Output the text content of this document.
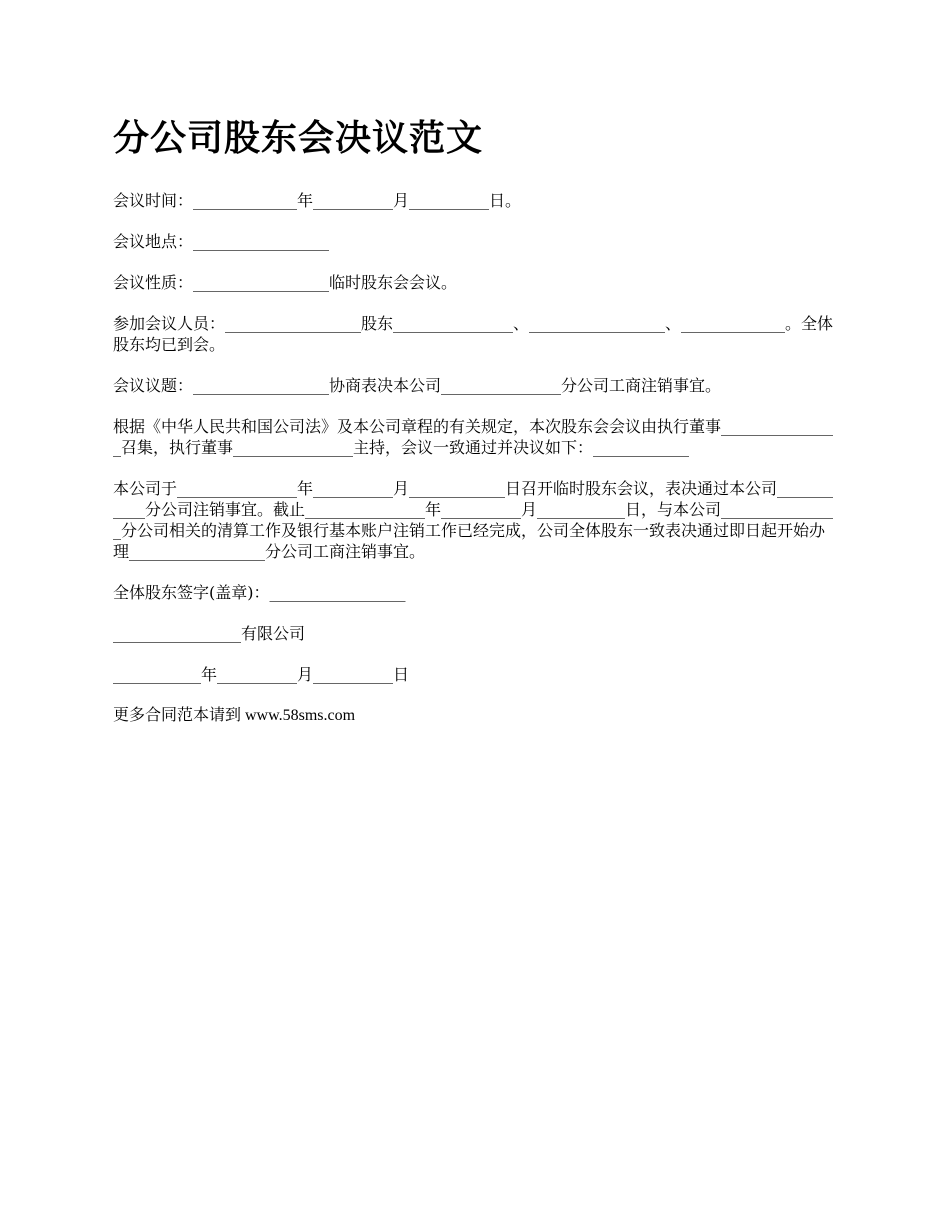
分公司股东会决议范文

会议时间：_____________年__________月__________日。

会议地点：_________________

会议性质：_________________临时股东会会议。

参加会议人员：_________________股东_______________、_________________、_____________。全体股东均已到会。

会议议题：_________________协商表决本公司_______________分公司工商注销事宜。

根据《中华人民共和国公司法》及本公司章程的有关规定，本次股东会会议由执行董事_______________召集，执行董事_______________主持，会议一致通过并决议如下：____________

本公司于_______________年__________月____________日召开临时股东会议，表决通过本公司___________分公司注销事宜。截止_______________年__________月___________日，与本公司_______________分公司相关的清算工作及银行基本账户注销工作已经完成，公司全体股东一致表决通过即日起开始办理_________________分公司工商注销事宜。

全体股东签字(盖章)：_________________

________________有限公司

___________年__________月__________日

更多合同范本请到 www.58sms.com
